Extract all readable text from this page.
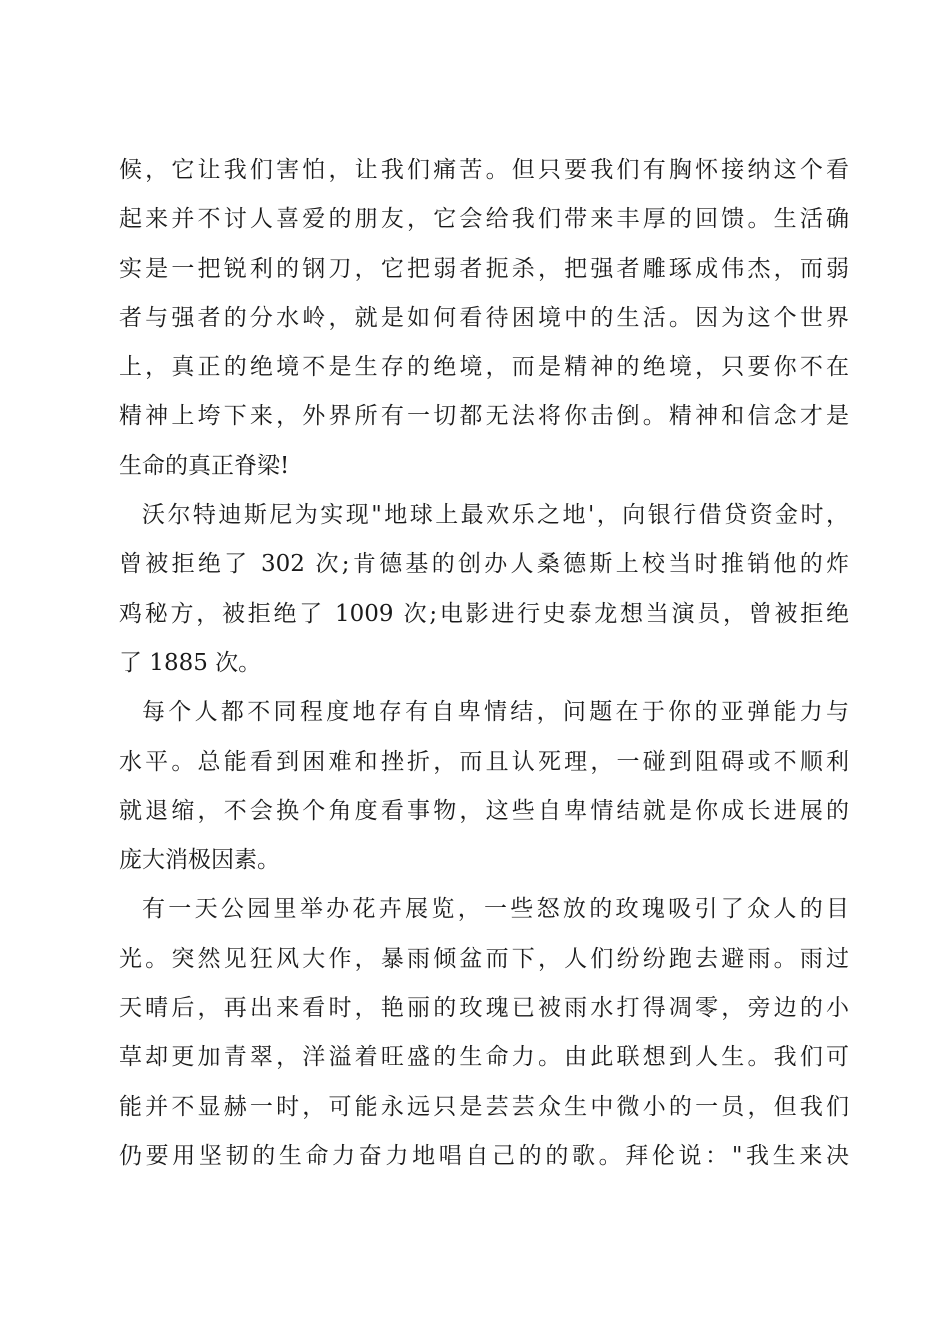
候，它让我们害怕，让我们痛苦。但只要我们有胸怀接纳这个看
起来并不讨人喜爱的朋友，它会给我们带来丰厚的回馈。生活确
实是一把锐利的钢刀，它把弱者扼杀，把强者雕琢成伟杰，而弱
者与强者的分水岭，就是如何看待困境中的生活。因为这个世界
上，真正的绝境不是生存的绝境，而是精神的绝境，只要你不在
精神上垮下来，外界所有一切都无法将你击倒。精神和信念才是
生命的真正脊梁!
沃尔特迪斯尼为实现"地球上最欢乐之地'，向银行借贷资金时，
曾被拒绝了 302 次;肯德基的创办人桑德斯上校当时推销他的炸
鸡秘方，被拒绝了 1009 次;电影进行史泰龙想当演员，曾被拒绝
了 1885 次。
每个人都不同程度地存有自卑情结，问题在于你的亚弹能力与
水平。总能看到困难和挫折，而且认死理，一碰到阻碍或不顺利
就退缩，不会换个角度看事物，这些自卑情结就是你成长进展的
庞大消极因素。
有一天公园里举办花卉展览，一些怒放的玫瑰吸引了众人的目
光。突然见狂风大作，暴雨倾盆而下，人们纷纷跑去避雨。雨过
天晴后，再出来看时，艳丽的玫瑰已被雨水打得凋零，旁边的小
草却更加青翠，洋溢着旺盛的生命力。由此联想到人生。我们可
能并不显赫一时，可能永远只是芸芸众生中微小的一员，但我们
仍要用坚韧的生命力奋力地唱自己的的歌。拜伦说："我生来决
